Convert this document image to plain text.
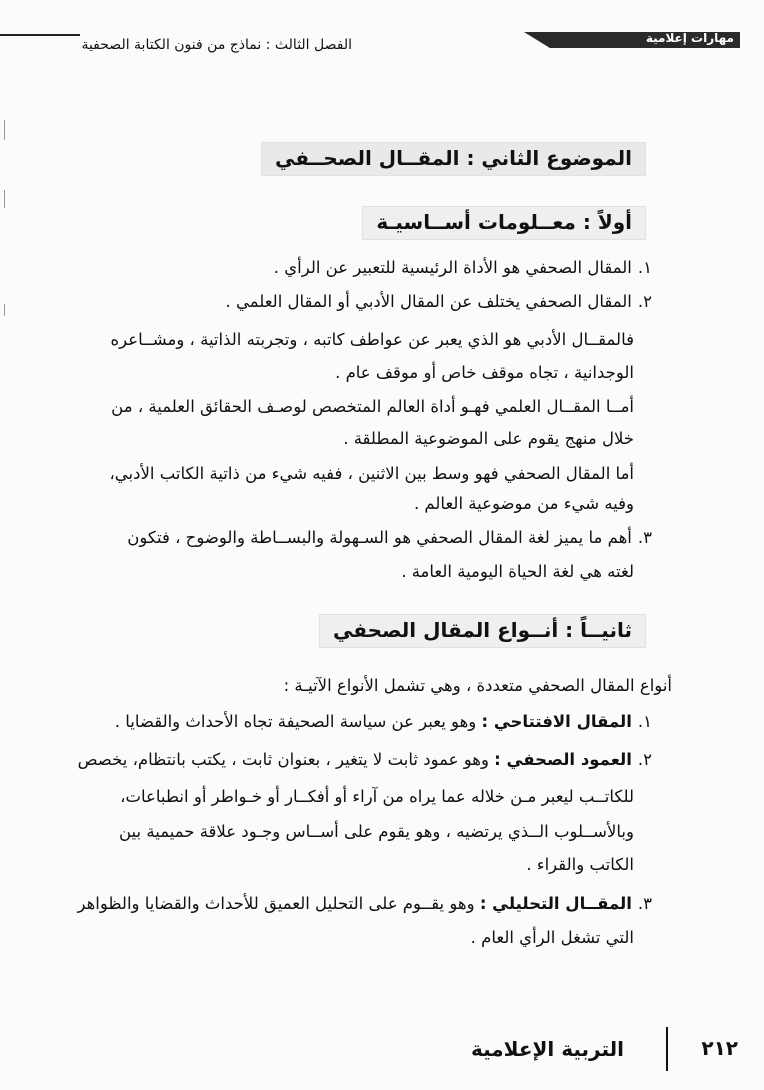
مهارات إعلامية
الفصل الثالث : نماذج من فنون الكتابة الصحفية
الموضوع الثاني : المقــال الصحــفي
أولاً : معــلومات أســاسيـة
١.المقال الصحفي هو الأداة الرئيسية للتعبير عن الرأي .
٢.المقال الصحفي يختلف عن المقال الأدبي أو المقال العلمي .
فالمقــال الأدبي هو الذي يعبر عن عواطف كاتبه ، وتجربته الذاتية ، ومشــاعره
الوجدانية ، تجاه موقف خاص أو موقف عام .
أمــا المقــال العلمي فهـو أداة العالم المتخصص لوصـف الحقائق العلمية ، من
خلال منهج يقوم على الموضوعية المطلقة .
أما المقال الصحفي فهو وسط بين الاثنين ، ففيه شيء من ذاتية الكاتب الأدبي،
وفيه شيء من موضوعية العالم .
٣.أهم ما يميز لغة المقال الصحفي هو السـهولة والبســاطة والوضوح ، فتكون
لغته هي لغة الحياة اليومية العامة .
ثانيــاً : أنــواع المقال الصحفي
أنواع المقال الصحفي متعددة ، وهي تشمل الأنواع الآتيـة :
١.المقال الافتتاحي : وهو يعبر عن سياسة الصحيفة تجاه الأحداث والقضايا .
٢.العمود الصحفي : وهو عمود ثابت لا يتغير ، بعنوان ثابت ، يكتب بانتظام، يخصص
للكاتــب ليعبر مـن خلاله عما يراه من آراء أو أفكــار أو خـواطر أو انطباعات،
وبالأســلوب الــذي يرتضيه ، وهو يقوم على أســاس وجـود علاقة حميمية بين
الكاتب والقراء .
٣.المقــال التحليلي : وهو يقــوم على التحليل العميق للأحداث والقضايا والظواهر
التي تشغل الرأي العام .
التربية الإعلامية	٢١٢
